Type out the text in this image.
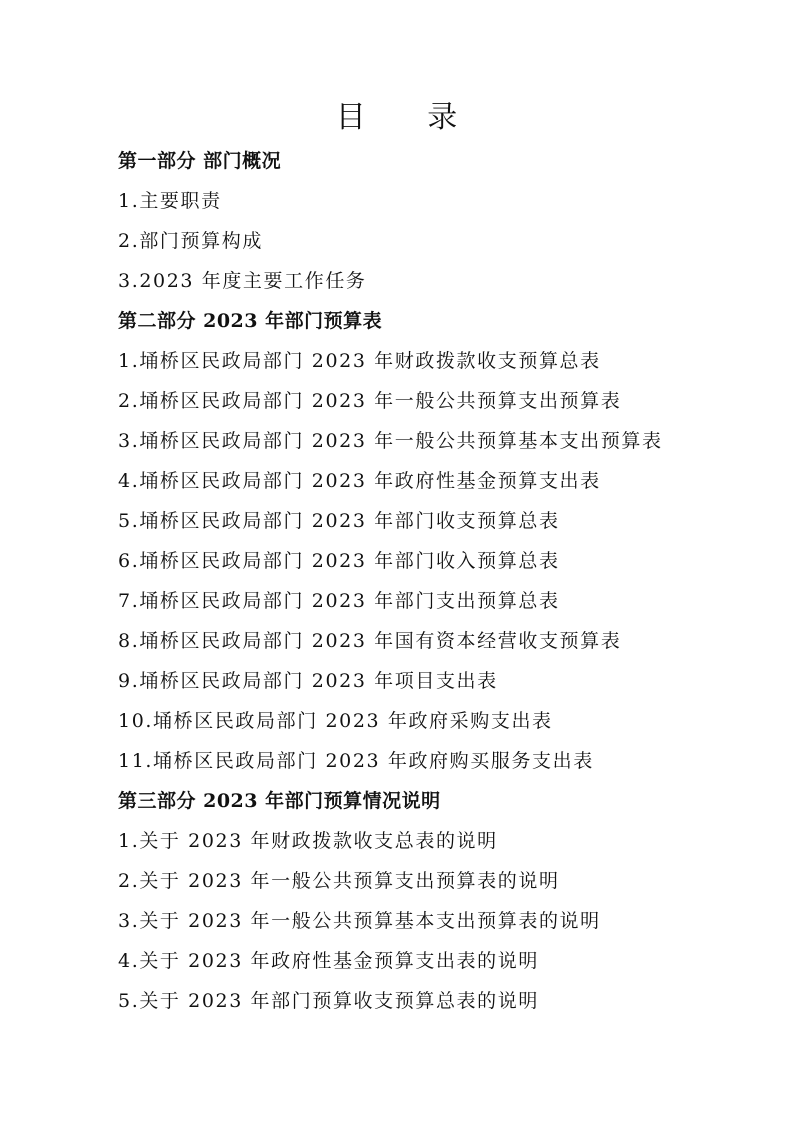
目 录
第一部分 部门概况
1.主要职责
2.部门预算构成
3.2023 年度主要工作任务
第二部分 2023 年部门预算表
1.埇桥区民政局部门 2023 年财政拨款收支预算总表
2.埇桥区民政局部门 2023 年一般公共预算支出预算表
3.埇桥区民政局部门 2023 年一般公共预算基本支出预算表
4.埇桥区民政局部门 2023 年政府性基金预算支出表
5.埇桥区民政局部门 2023 年部门收支预算总表
6.埇桥区民政局部门 2023 年部门收入预算总表
7.埇桥区民政局部门 2023 年部门支出预算总表
8.埇桥区民政局部门 2023 年国有资本经营收支预算表
9.埇桥区民政局部门 2023 年项目支出表
10.埇桥区民政局部门 2023 年政府采购支出表
11.埇桥区民政局部门 2023 年政府购买服务支出表
第三部分 2023 年部门预算情况说明
1.关于 2023 年财政拨款收支总表的说明
2.关于 2023 年一般公共预算支出预算表的说明
3.关于 2023 年一般公共预算基本支出预算表的说明
4.关于 2023 年政府性基金预算支出表的说明
5.关于 2023 年部门预算收支预算总表的说明
